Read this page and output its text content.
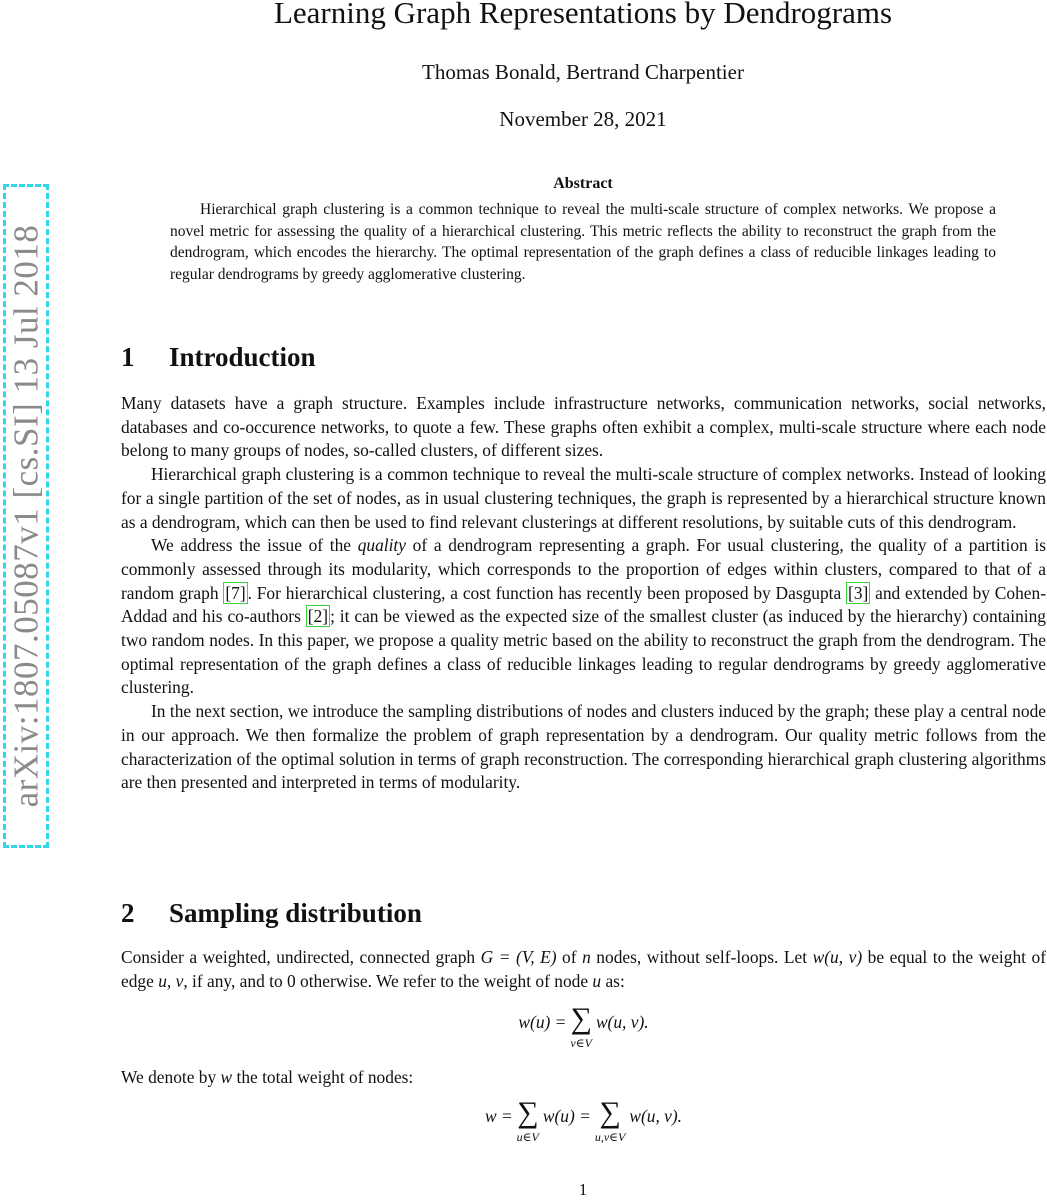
arXiv:1807.05087v1 [cs.SI] 13 Jul 2018
Learning Graph Representations by Dendrograms
Thomas Bonald, Bertrand Charpentier
November 28, 2021
Abstract

Hierarchical graph clustering is a common technique to reveal the multi-scale structure of complex networks. We propose a novel metric for assessing the quality of a hierarchical clustering. This metric reflects the ability to reconstruct the graph from the dendrogram, which encodes the hierarchy. The optimal representation of the graph defines a class of reducible linkages leading to regular dendrograms by greedy agglomerative clustering.

1 Introduction

Many datasets have a graph structure. Examples include infrastructure networks, communication networks, social networks, databases and co-occurence networks, to quote a few. These graphs often exhibit a complex, multi-scale structure where each node belong to many groups of nodes, so-called clusters, of different sizes.

Hierarchical graph clustering is a common technique to reveal the multi-scale structure of complex networks. Instead of looking for a single partition of the set of nodes, as in usual clustering techniques, the graph is represented by a hierarchical structure known as a dendrogram, which can then be used to find relevant clusterings at different resolutions, by suitable cuts of this dendrogram.

We address the issue of the quality of a dendrogram representing a graph. For usual clustering, the quality of a partition is commonly assessed through its modularity, which corresponds to the proportion of edges within clusters, compared to that of a random graph [7] . For hierarchical clustering, a cost function has recently been proposed by Dasgupta [3] and extended by Cohen-Addad and his co-authors [2] ; it can be viewed as the expected size of the smallest cluster (as induced by the hierarchy) containing two random nodes. In this paper, we propose a quality metric based on the ability to reconstruct the graph from the dendrogram. The optimal representation of the graph defines a class of reducible linkages leading to regular dendrograms by greedy agglomerative clustering.

In the next section, we introduce the sampling distributions of nodes and clusters induced by the graph; these play a central node in our approach. We then formalize the problem of graph representation by a dendrogram. Our quality metric follows from the characterization of the optimal solution in terms of graph reconstruction. The corresponding hierarchical graph clustering algorithms are then presented and interpreted in terms of modularity.

2 Sampling distribution

Consider a weighted, undirected, connected graph G = (V, E) of n nodes, without self-loops. Let w(u, v) be equal to the weight of edge u, v, if any, and to 0 otherwise. We refer to the weight of node u as:

w(u) = ∑
v∈V
w(u, v).

We denote by w the total weight of nodes:

w = ∑
u∈V
w(u) = ∑
u,v∈V
w(u, v).
1
